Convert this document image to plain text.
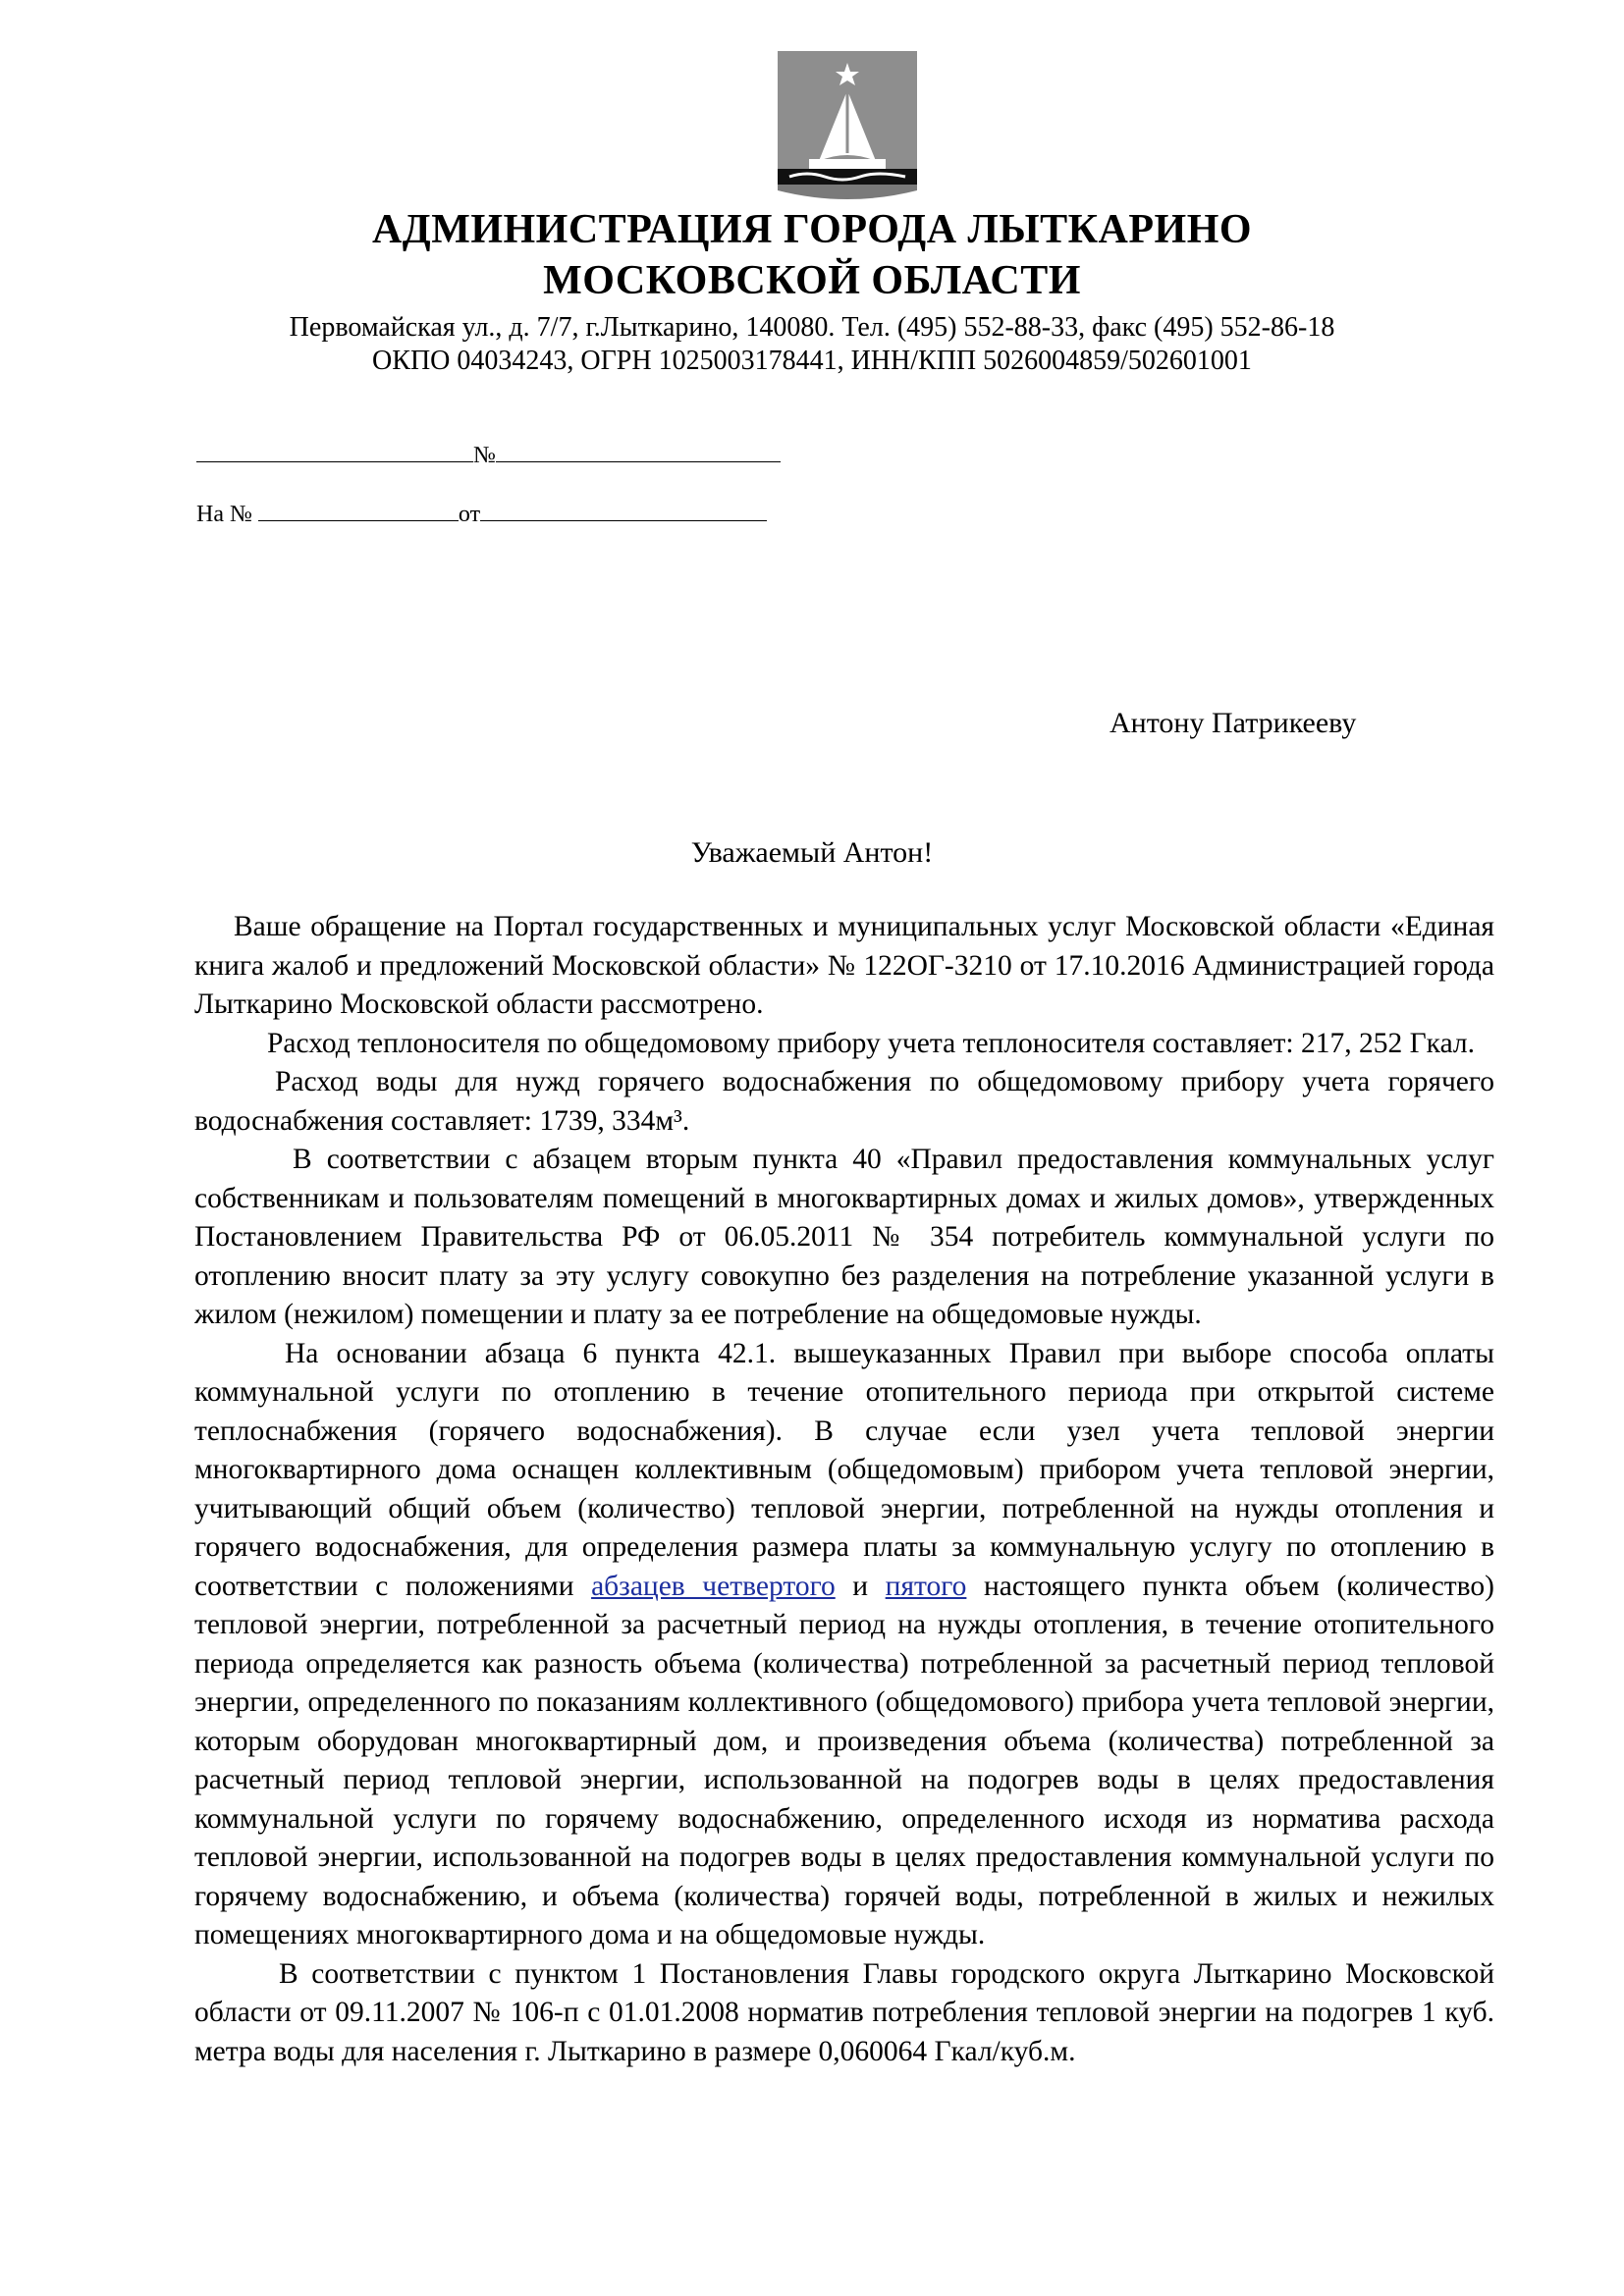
АДМИНИСТРАЦИЯ ГОРОДА ЛЫТКАРИНО
МОСКОВСКОЙ ОБЛАСТИ
Первомайская ул., д. 7/7, г.Лыткарино, 140080. Тел. (495) 552-88-33, факс (495) 552-86-18
ОКПО 04034243, ОГРН 1025003178441, ИНН/КПП 5026004859/502601001
№
На №	от
Антону Патрикееву
Уважаемый Антон!

Ваше обращение на Портал государственных и муниципальных услуг Московской области «Единая книга жалоб и предложений Московской области» № 122ОГ-3210 от 17.10.2016 Администрацией города Лыткарино Московской области рассмотрено.

Расход теплоносителя по общедомовому прибору учета теплоносителя составляет: 217, 252 Гкал.

Расход воды для нужд горячего водоснабжения по общедомовому прибору учета горячего водоснабжения составляет: 1739, 334м³.

В соответствии с абзацем вторым пункта 40 «Правил предоставления коммунальных услуг собственникам и пользователям помещений в многоквартирных домах и жилых домов», утвержденных Постановлением Правительства РФ от 06.05.2011 № 354 потребитель коммунальной услуги по отоплению вносит плату за эту услугу совокупно без разделения на потребление указанной услуги в жилом (нежилом) помещении и плату за ее потребление на общедомовые нужды.

На основании абзаца 6 пункта 42.1. вышеуказанных Правил при выборе способа оплаты коммунальной услуги по отоплению в течение отопительного периода при открытой системе теплоснабжения (горячего водоснабжения). В случае если узел учета тепловой энергии многоквартирного дома оснащен коллективным (общедомовым) прибором учета тепловой энергии, учитывающий общий объем (количество) тепловой энергии, потребленной на нужды отопления и горячего водоснабжения, для определения размера платы за коммунальную услугу по отоплению в соответствии с положениями абзацев четвертого и пятого настоящего пункта объем (количество) тепловой энергии, потребленной за расчетный период на нужды отопления, в течение отопительного периода определяется как разность объема (количества) потребленной за расчетный период тепловой энергии, определенного по показаниям коллективного (общедомового) прибора учета тепловой энергии, которым оборудован многоквартирный дом, и произведения объема (количества) потребленной за расчетный период тепловой энергии, использованной на подогрев воды в целях предоставления коммунальной услуги по горячему водоснабжению, определенного исходя из норматива расхода тепловой энергии, использованной на подогрев воды в целях предоставления коммунальной услуги по горячему водоснабжению, и объема (количества) горячей воды, потребленной в жилых и нежилых помещениях многоквартирного дома и на общедомовые нужды.

В соответствии с пунктом 1 Постановления Главы городского округа Лыткарино Московской области от 09.11.2007 № 106-п с 01.01.2008 норматив потребления тепловой энергии на подогрев 1 куб. метра воды для населения г. Лыткарино в размере 0,060064 Гкал/куб.м.
